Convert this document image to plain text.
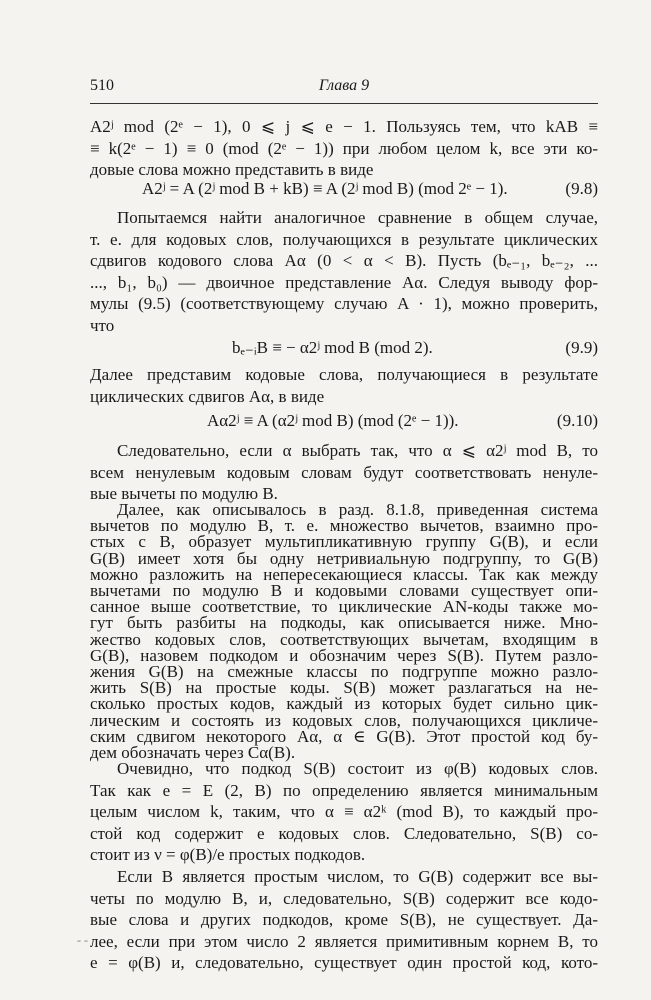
510	Глава 9
A2ʲ mod (2ᵉ − 1), 0 ⩽ j ⩽ e − 1. Пользуясь тем, что kAB ≡
≡ k(2ᵉ − 1) ≡ 0 (mod (2ᵉ − 1)) при любом целом k, все эти ко-
довые слова можно представить в виде
A2ʲ = A (2ʲ mod B + kB) ≡ A (2ʲ mod B) (mod 2ᵉ − 1).	(9.8)
Попытаемся найти аналогичное сравнение в общем случае,
т. е. для кодовых слов, получающихся в результате циклических
сдвигов кодового слова Aα (0 < α < B). Пусть (bₑ₋₁, bₑ₋₂, ...
..., b₁, b₀) — двоичное представление Aα. Следуя выводу фор-
мулы (9.5) (соответствующему случаю A · 1), можно проверить,
что
bₑ₋ᵢB ≡ − α2ʲ mod B (mod 2).	(9.9)
Далее представим кодовые слова, получающиеся в результате
циклических сдвигов Aα, в виде
Aα2ʲ ≡ A (α2ʲ mod B) (mod (2ᵉ − 1)).	(9.10)
Следовательно, если α выбрать так, что α ⩽ α2ʲ mod B, то
всем ненулевым кодовым словам будут соответствовать ненуле-
вые вычеты по модулю B.
Далее, как описывалось в разд. 8.1.8, приведенная система
вычетов по модулю B, т. е. множество вычетов, взаимно про-
стых с B, образует мультипликативную группу G(B), и если
G(B) имеет хотя бы одну нетривиальную подгруппу, то G(B)
можно разложить на непересекающиеся классы. Так как между
вычетами по модулю B и кодовыми словами существует опи-
санное выше соответствие, то циклические AN-коды также мо-
гут быть разбиты на подкоды, как описывается ниже. Мно-
жество кодовых слов, соответствующих вычетам, входящим в
G(B), назовем подкодом и обозначим через S(B). Путем разло-
жения G(B) на смежные классы по подгруппе можно разло-
жить S(B) на простые коды. S(B) может разлагаться на не-
сколько простых кодов, каждый из которых будет сильно цик-
лическим и состоять из кодовых слов, получающихся цикличе-
ским сдвигом некоторого Aα, α ∈ G(B). Этот простой код бу-
дем обозначать через Cα(B).
Очевидно, что подкод S(B) состоит из φ(B) кодовых слов.
Так как e = E (2, B) по определению является минимальным
целым числом k, таким, что α ≡ α2ᵏ (mod B), то каждый про-
стой код содержит e кодовых слов. Следовательно, S(B) со-
стоит из ν = φ(B)/e простых подкодов.
Если B является простым числом, то G(B) содержит все вы-
четы по модулю B, и, следовательно, S(B) содержит все кодо-
вые слова и других подкодов, кроме S(B), не существует. Да-
лее, если при этом число 2 является примитивным корнем B, то
e = φ(B) и, следовательно, существует один простой код, кото-
- -
